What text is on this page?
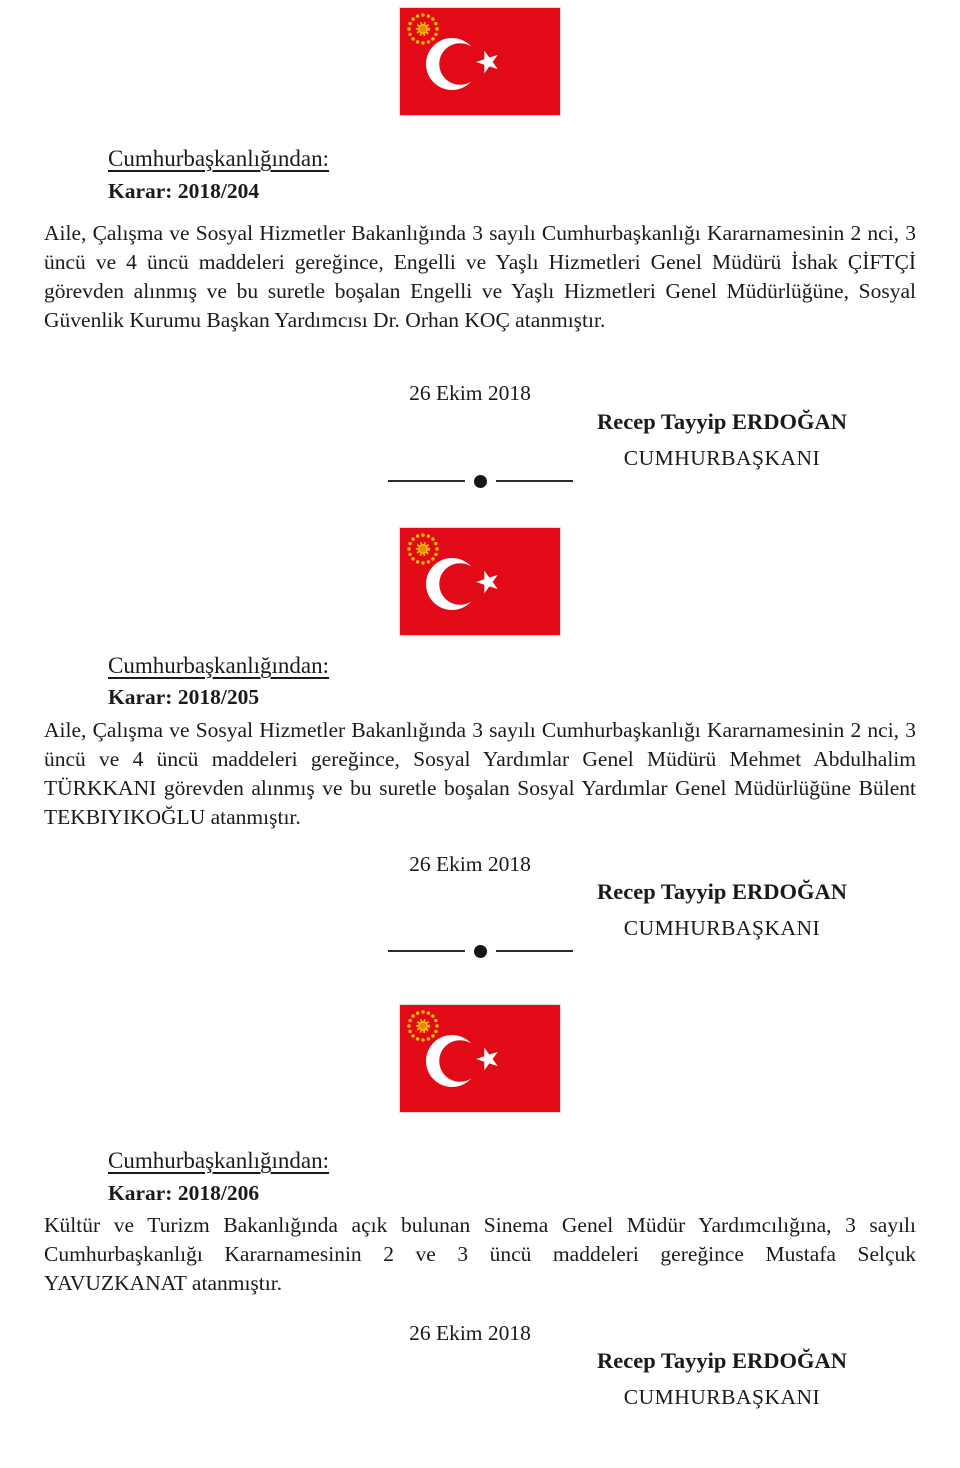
Cumhurbaşkanlığından:
Karar: 2018/204
Aile, Çalışma ve Sosyal Hizmetler Bakanlığında 3 sayılı Cumhurbaşkanlığı Kararnamesinin 2 nci, 3 üncü ve 4 üncü maddeleri gereğince, Engelli ve Yaşlı Hizmetleri Genel Müdürü İshak ÇİFTÇİ görevden alınmış ve bu suretle boşalan Engelli ve Yaşlı Hizmetleri Genel Müdürlüğüne, Sosyal Güvenlik Kurumu Başkan Yardımcısı Dr. Orhan KOÇ atanmıştır.
26 Ekim 2018
Recep Tayyip ERDOĞAN
CUMHURBAŞKANI
Cumhurbaşkanlığından:
Karar: 2018/205
Aile, Çalışma ve Sosyal Hizmetler Bakanlığında 3 sayılı Cumhurbaşkanlığı Kararnamesinin 2 nci, 3 üncü ve 4 üncü maddeleri gereğince, Sosyal Yardımlar Genel Müdürü Mehmet Abdulhalim TÜRKKANI görevden alınmış ve bu suretle boşalan Sosyal Yardımlar Genel Müdürlüğüne Bülent TEKBIYIKOĞLU atanmıştır.
26 Ekim 2018
Recep Tayyip ERDOĞAN
CUMHURBAŞKANI
Cumhurbaşkanlığından:
Karar: 2018/206
Kültür ve Turizm Bakanlığında açık bulunan Sinema Genel Müdür Yardımcılığına, 3 sayılı Cumhurbaşkanlığı Kararnamesinin 2 ve 3 üncü maddeleri gereğince Mustafa Selçuk YAVUZKANAT atanmıştır.
26 Ekim 2018
Recep Tayyip ERDOĞAN
CUMHURBAŞKANI
